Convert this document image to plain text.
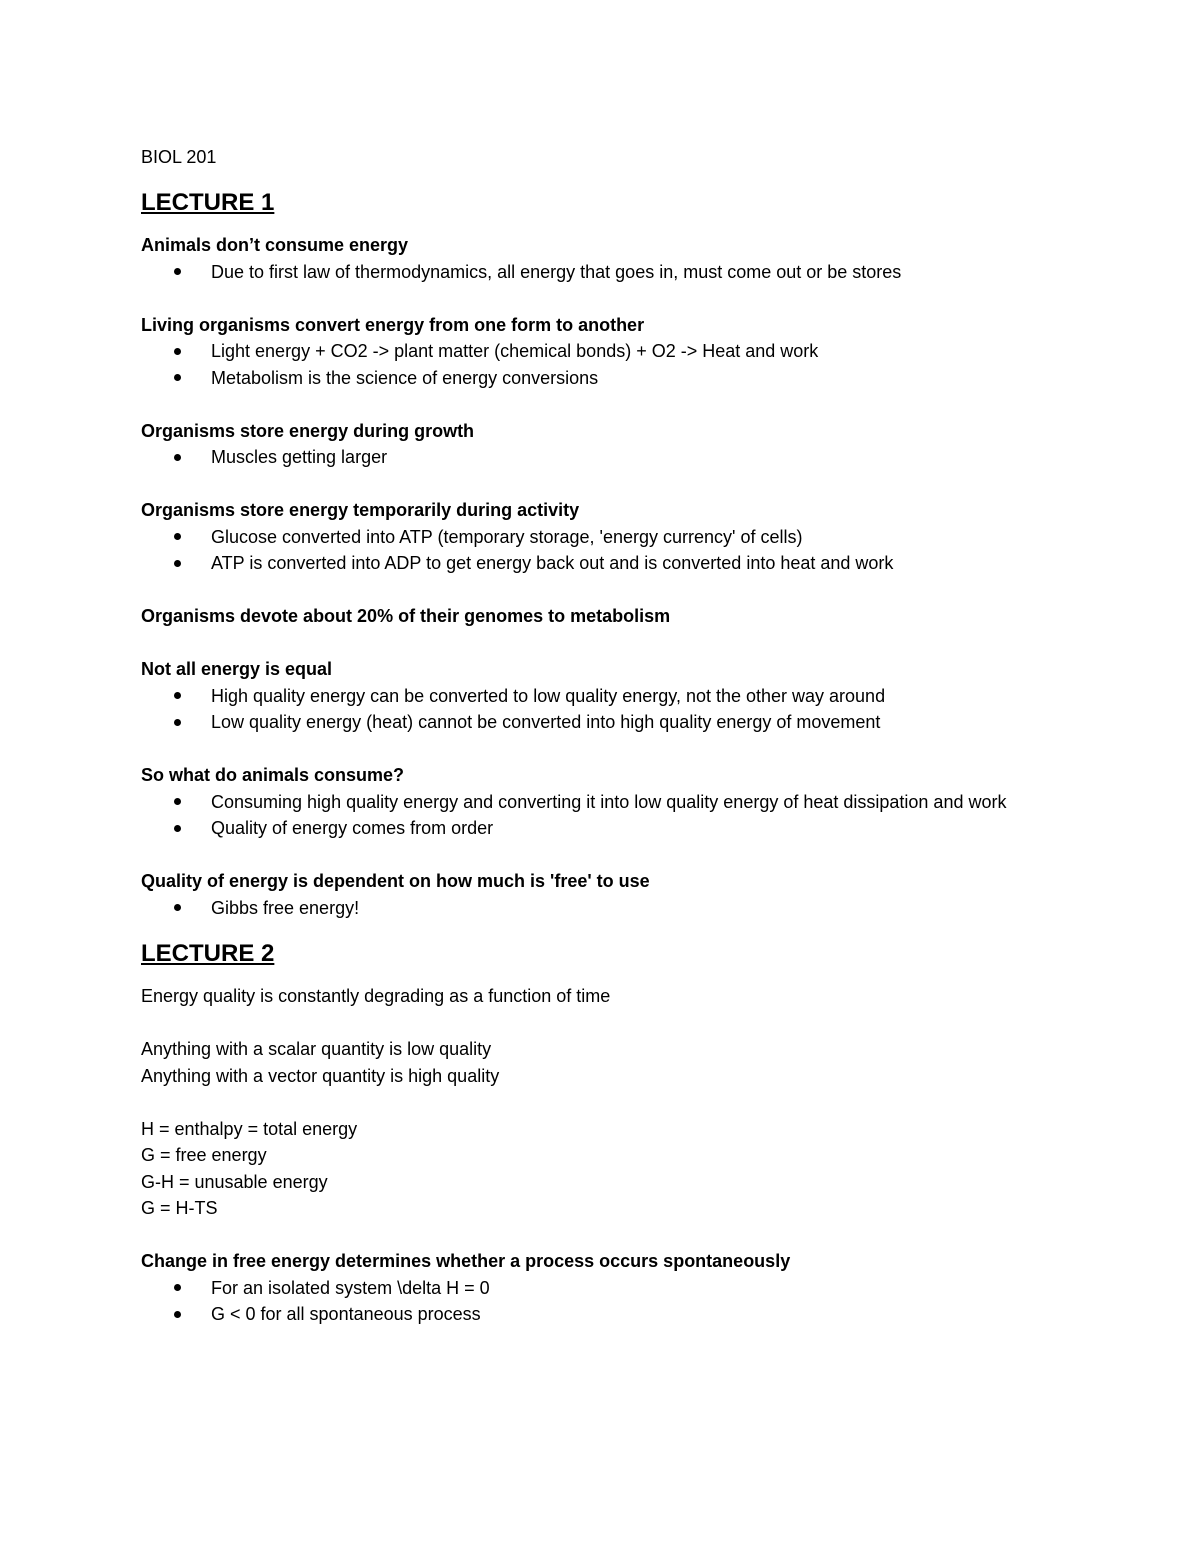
BIOL 201

LECTURE 1

Animals don’t consume energy

Due to first law of thermodynamics, all energy that goes in, must come out or be stores

Living organisms convert energy from one form to another

Light energy + CO2 -> plant matter (chemical bonds) + O2 -> Heat and work
Metabolism is the science of energy conversions

Organisms store energy during growth

Muscles getting larger

Organisms store energy temporarily during activity

Glucose converted into ATP (temporary storage, 'energy currency' of cells)
ATP is converted into ADP to get energy back out and is converted into heat and work

Organisms devote about 20% of their genomes to metabolism

Not all energy is equal

High quality energy can be converted to low quality energy, not the other way around
Low quality energy (heat) cannot be converted into high quality energy of movement

So what do animals consume?

Consuming high quality energy and converting it into low quality energy of heat dissipation and work
Quality of energy comes from order

Quality of energy is dependent on how much is 'free' to use

Gibbs free energy!
LECTURE 2

Energy quality is constantly degrading as a function of time

Anything with a scalar quantity is low quality

Anything with a vector quantity is high quality

H = enthalpy = total energy

G = free energy

G-H = unusable energy

G = H-TS

Change in free energy determines whether a process occurs spontaneously

For an isolated system \delta H = 0
G < 0 for all spontaneous process
